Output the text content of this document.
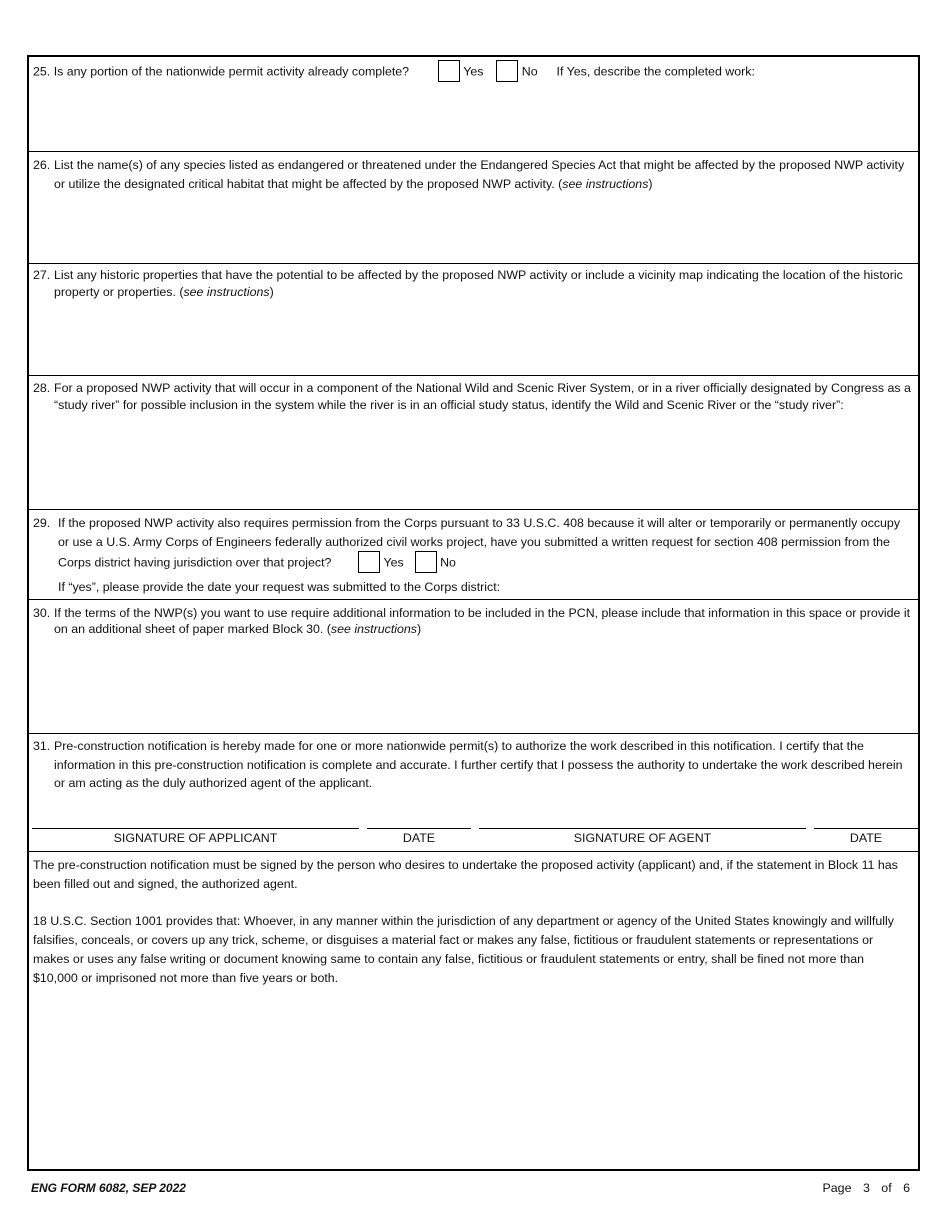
25. Is any portion of the nationwide permit activity already complete?	Yes	No If Yes, describe the completed work:
26. List the name(s) of any species listed as endangered or threatened under the Endangered Species Act that might be affected by the proposed NWP activity or utilize the designated critical habitat that might be affected by the proposed NWP activity. (see instructions)
27. List any historic properties that have the potential to be affected by the proposed NWP activity or include a vicinity map indicating the location of the historic property or properties. (see instructions)
28. For a proposed NWP activity that will occur in a component of the National Wild and Scenic River System, or in a river officially designated by Congress as a “study river” for possible inclusion in the system while the river is in an official study status, identify the Wild and Scenic River or the “study river”:
29. If the proposed NWP activity also requires permission from the Corps pursuant to 33 U.S.C. 408 because it will alter or temporarily or permanently occupy or use a U.S. Army Corps of Engineers federally authorized civil works project, have you submitted a written request for section 408 permission from the Corps district having jurisdiction over that project?	Yes	No
If “yes”, please provide the date your request was submitted to the Corps district:
30. If the terms of the NWP(s) you want to use require additional information to be included in the PCN, please include that information in this space or provide it on an additional sheet of paper marked Block 30. (see instructions)
31. Pre-construction notification is hereby made for one or more nationwide permit(s) to authorize the work described in this notification. I certify that the information in this pre-construction notification is complete and accurate. I further certify that I possess the authority to undertake the work described herein or am acting as the duly authorized agent of the applicant.
SIGNATURE OF APPLICANT	DATE	SIGNATURE OF AGENT	DATE
The pre-construction notification must be signed by the person who desires to undertake the proposed activity (applicant) and, if the statement in Block 11 has been filled out and signed, the authorized agent.
18 U.S.C. Section 1001 provides that: Whoever, in any manner within the jurisdiction of any department or agency of the United States knowingly and willfully falsifies, conceals, or covers up any trick, scheme, or disguises a material fact or makes any false, fictitious or fraudulent statements or representations or makes or uses any false writing or document knowing same to contain any false, fictitious or fraudulent statements or entry, shall be fined not more than $10,000 or imprisoned not more than five years or both.
ENG FORM 6082, SEP 2022	Page 3 of 6
